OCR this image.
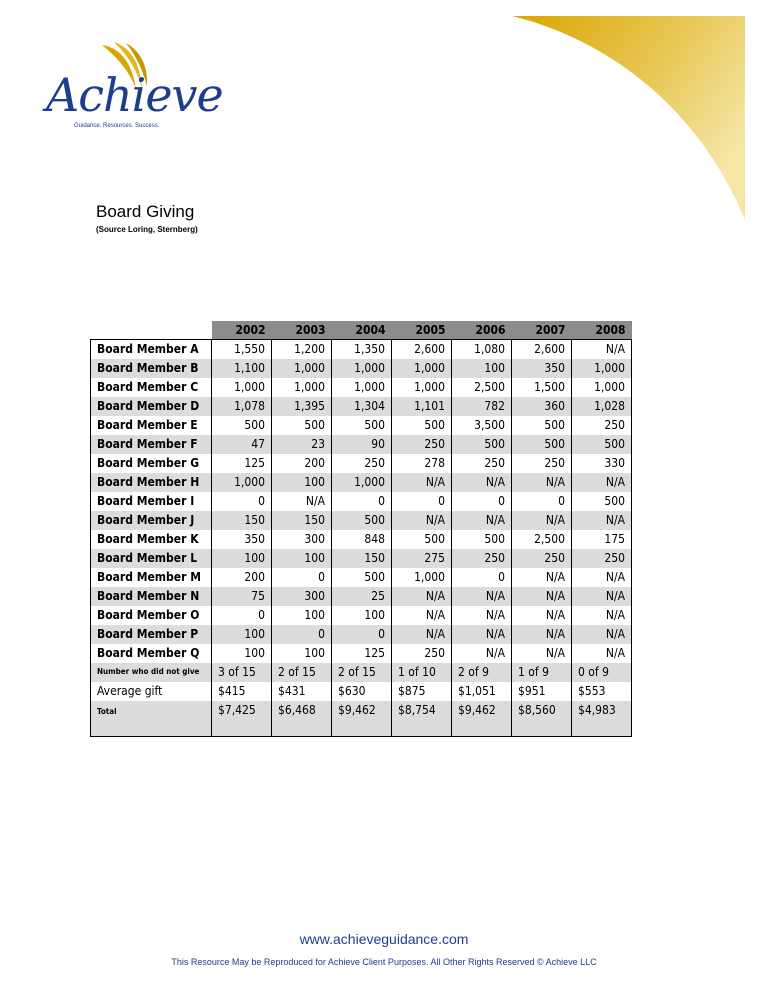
Achieve
Guidance. Resources. Success.
Board Giving
(Source Loring, Sternberg)
	2002	2003	2004	2005	2006	2007	2008
Board Member A	1,550	1,200	1,350	2,600	1,080	2,600	N/A
Board Member B	1,100	1,000	1,000	1,000	100	350	1,000
Board Member C	1,000	1,000	1,000	1,000	2,500	1,500	1,000
Board Member D	1,078	1,395	1,304	1,101	782	360	1,028
Board Member E	500	500	500	500	3,500	500	250
Board Member F	47	23	90	250	500	500	500
Board Member G	125	200	250	278	250	250	330
Board Member H	1,000	100	1,000	N/A	N/A	N/A	N/A
Board Member I	0	N/A	0	0	0	0	500
Board Member J	150	150	500	N/A	N/A	N/A	N/A
Board Member K	350	300	848	500	500	2,500	175
Board Member L	100	100	150	275	250	250	250
Board Member M	200	0	500	1,000	0	N/A	N/A
Board Member N	75	300	25	N/A	N/A	N/A	N/A
Board Member O	0	100	100	N/A	N/A	N/A	N/A
Board Member P	100	0	0	N/A	N/A	N/A	N/A
Board Member Q	100	100	125	250	N/A	N/A	N/A
Number who did not give	3 of 15	2 of 15	2 of 15	1 of 10	2 of 9	1 of 9	0 of 9
Average gift	$415	$431	$630	$875	$1,051	$951	$553
Total	$7,425	$6,468	$9,462	$8,754	$9,462	$8,560	$4,983
www.achieveguidance.com
This Resource May be Reproduced for Achieve Client Purposes. All Other Rights Reserved © Achieve LLC
